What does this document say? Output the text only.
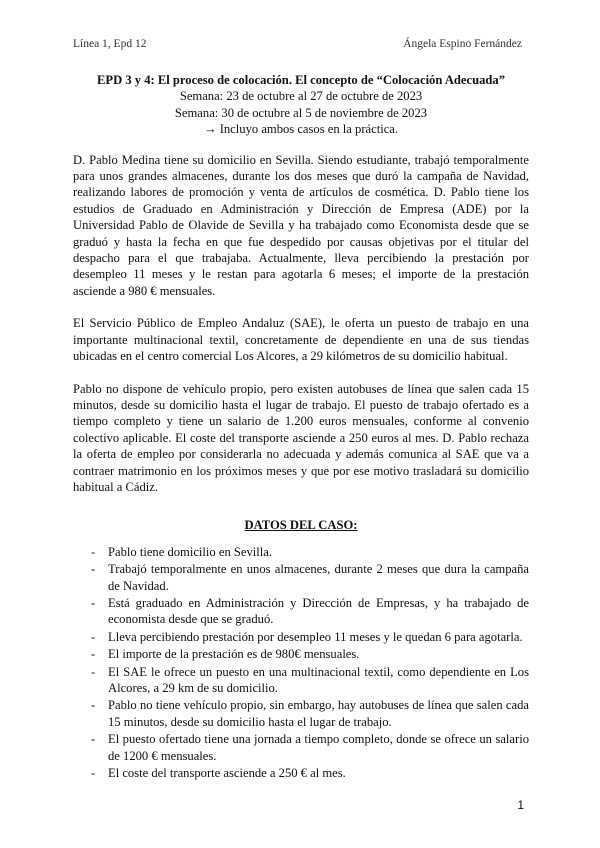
Línea 1, Epd 12	Ángela Espino Fernández
EPD 3 y 4: El proceso de colocación. El concepto de “Colocación Adecuada”
Semana: 23 de octubre al 27 de octubre de 2023
Semana: 30 de octubre al 5 de noviembre de 2023
→ Incluyo ambos casos en la práctica.

D. Pablo Medina tiene su domicilio en Sevilla. Siendo estudiante, trabajó temporalmente para unos grandes almacenes, durante los dos meses que duró la campaña de Navidad, realizando labores de promoción y venta de artículos de cosmética. D. Pablo tiene los estudios de Graduado en Administración y Dirección de Empresa (ADE) por la Universidad Pablo de Olavide de Sevilla y ha trabajado como Economista desde que se graduó y hasta la fecha en que fue despedido por causas objetivas por el titular del despacho para el que trabajaba. Actualmente, lleva percibiendo la prestación por desempleo 11 meses y le restan para agotarla 6 meses; el importe de la prestación asciende a 980 € mensuales.

El Servicio Público de Empleo Andaluz (SAE), le oferta un puesto de trabajo en una importante multinacional textil, concretamente de dependiente en una de sus tiendas ubicadas en el centro comercial Los Alcores, a 29 kilómetros de su domicilio habitual.

Pablo no dispone de vehículo propio, pero existen autobuses de línea que salen cada 15 minutos, desde su domicilio hasta el lugar de trabajo. El puesto de trabajo ofertado es a tiempo completo y tiene un salario de 1.200 euros mensuales, conforme al convenio colectivo aplicable. El coste del transporte asciende a 250 euros al mes. D. Pablo rechaza la oferta de empleo por considerarla no adecuada y además comunica al SAE que va a contraer matrimonio en los próximos meses y que por ese motivo trasladará su domicilio habitual a Cádiz.

DATOS DEL CASO:
- Pablo tiene domicilio en Sevilla.
- Trabajó temporalmente en unos almacenes, durante 2 meses que dura la campaña de Navidad.
- Está graduado en Administración y Dirección de Empresas, y ha trabajado de economista desde que se graduó.
- Lleva percibiendo prestación por desempleo 11 meses y le quedan 6 para agotarla.
- El importe de la prestación es de 980€ mensuales.
- El SAE le ofrece un puesto en una multinacional textil, como dependiente en Los Alcores, a 29 km de su domicilio.
- Pablo no tiene vehículo propio, sin embargo, hay autobuses de línea que salen cada 15 minutos, desde su domicilio hasta el lugar de trabajo.
- El puesto ofertado tiene una jornada a tiempo completo, donde se ofrece un salario de 1200 € mensuales.
- El coste del transporte asciende a 250 € al mes.
1
